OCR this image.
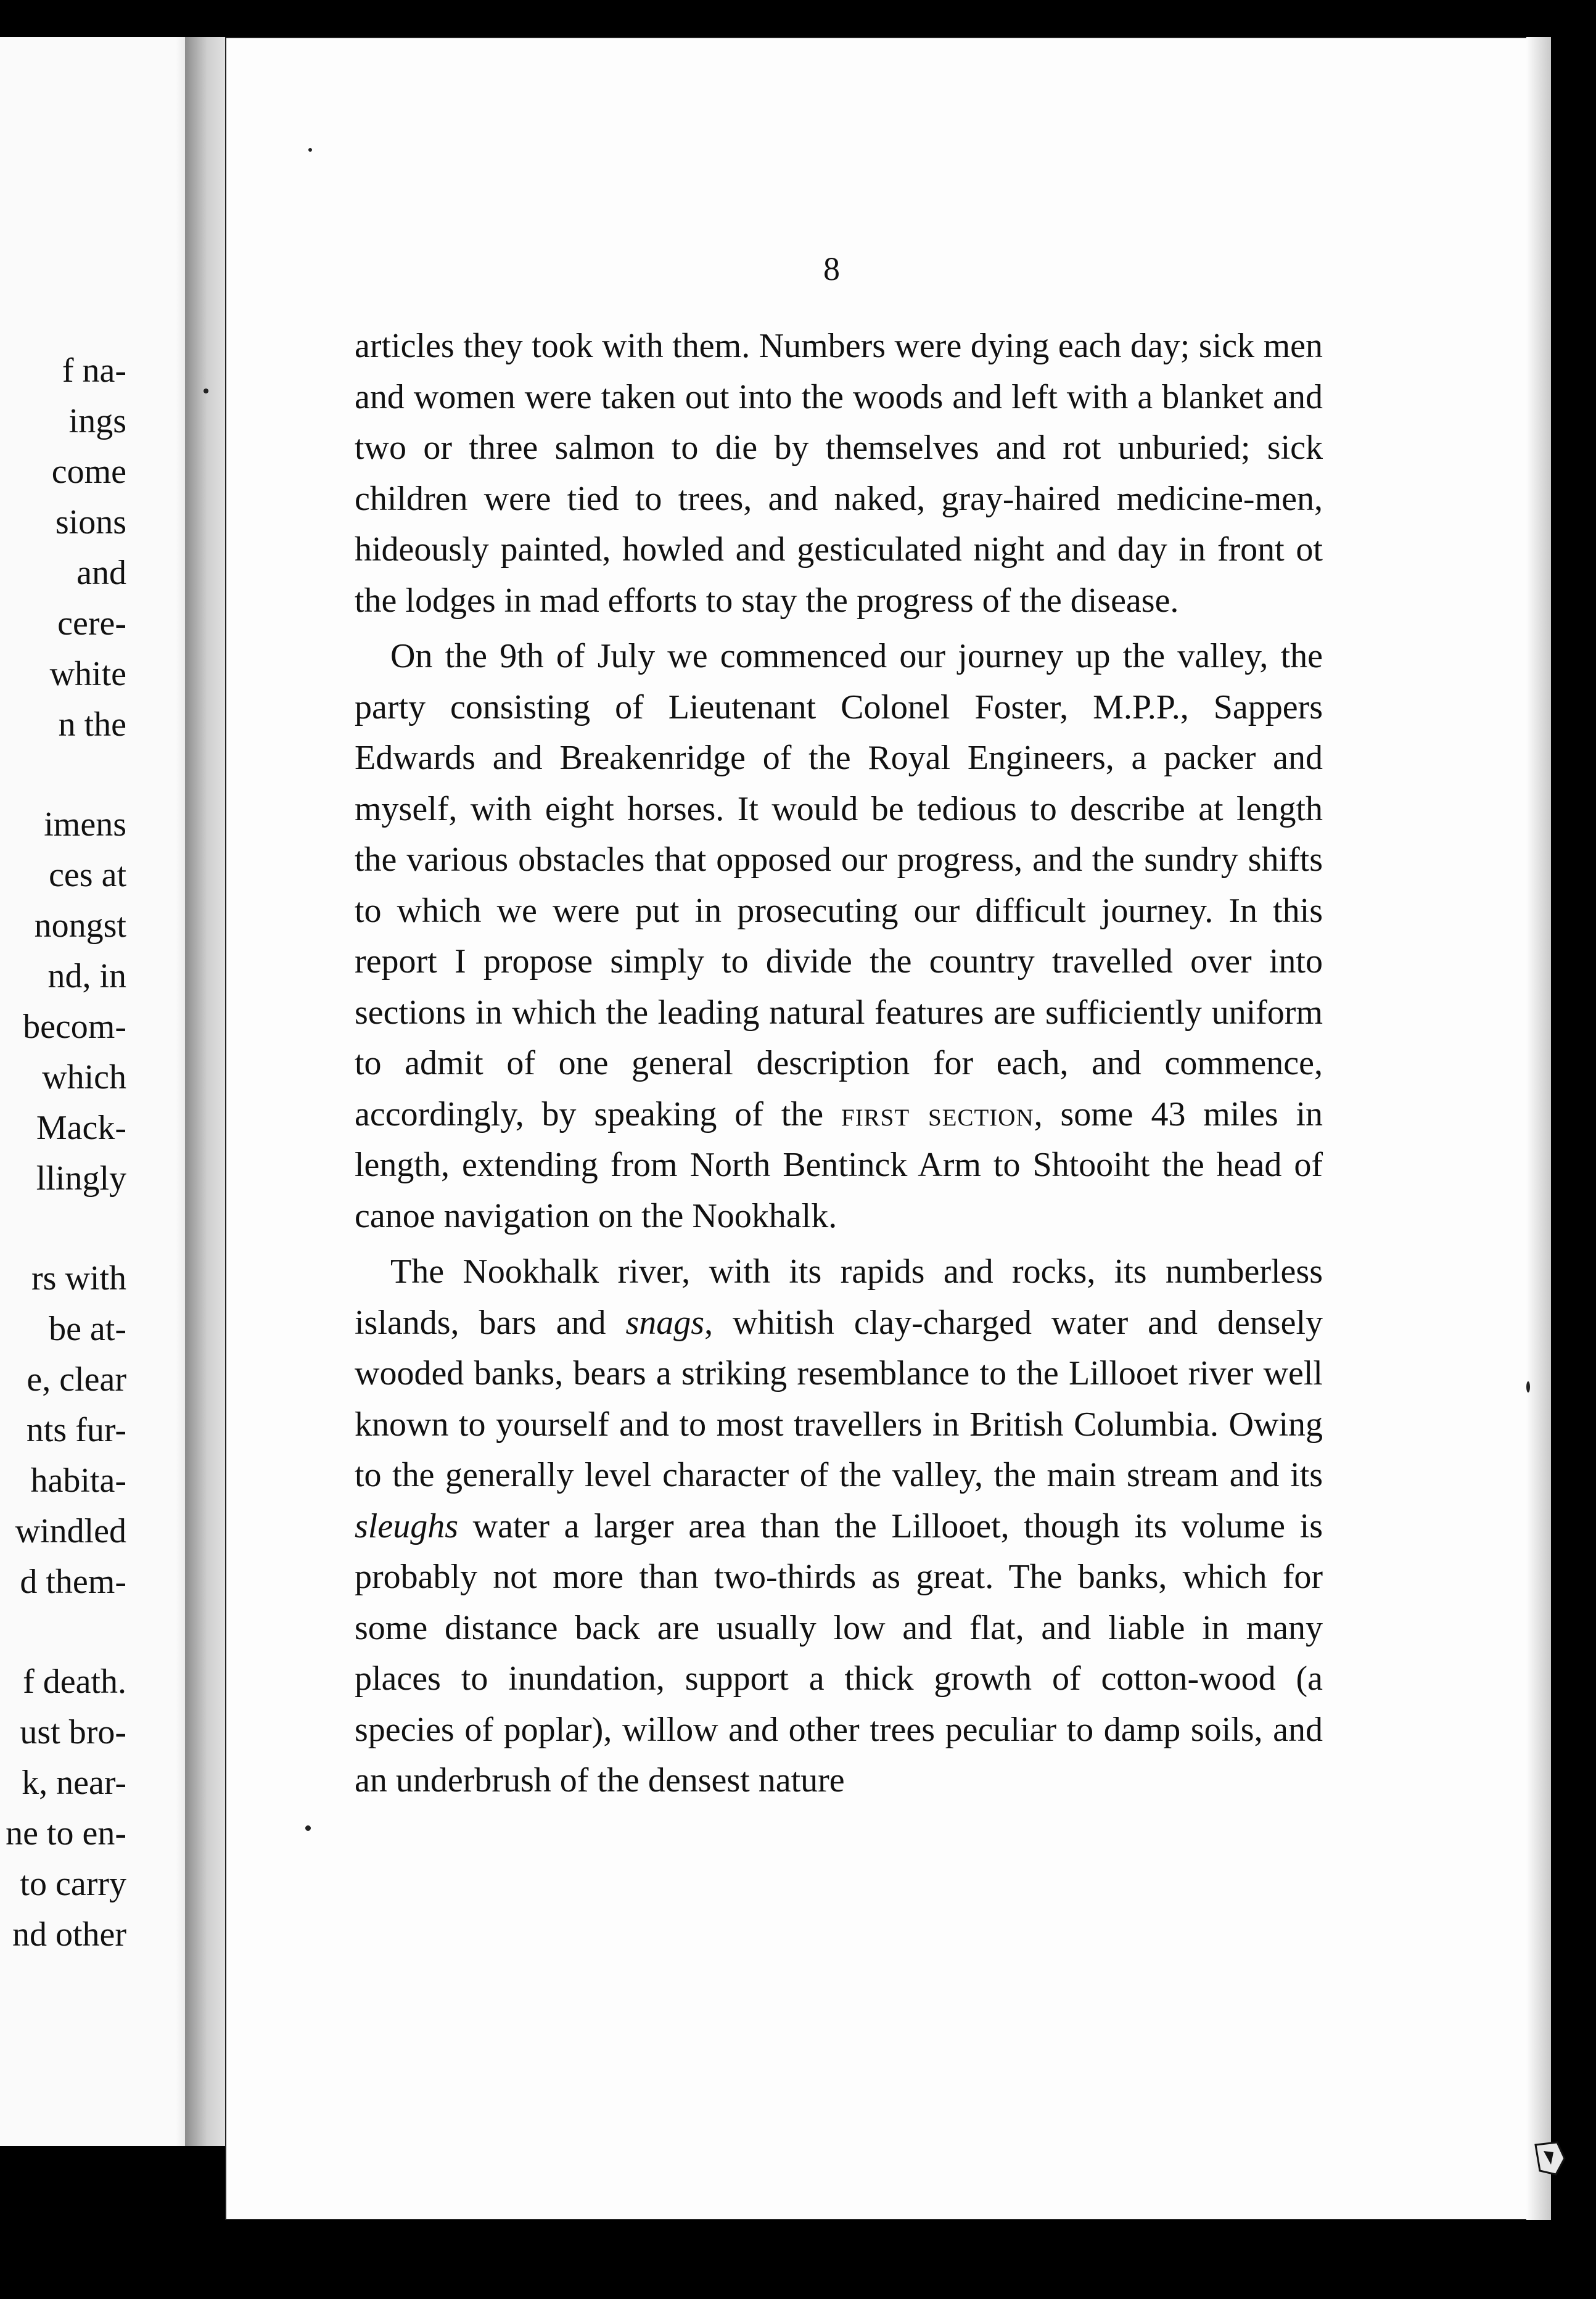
f na-
ings
come
sions
and
cere-
white
n the
imens
ces at
nongst
nd, in
becom-
which
Mack-
llingly
rs with
be at-
e, clear
nts fur-
habita-
windled
d them-
f death.
ust bro-
k, near-
ne to en-
to carry
nd other
8

articles they took with them. Numbers were dying each day; sick men and women were taken out into the woods and left with a blanket and two or three salmon to die by themselves and rot unburied; sick children were tied to trees, and naked, gray-haired medicine-men, hideously painted, howled and gesticulated night and day in front ot the lodges in mad efforts to stay the progress of the disease.

On the 9th of July we commenced our journey up the valley, the party consisting of Lieutenant Colonel Foster, M.P.P., Sappers Edwards and Breakenridge of the Royal Engineers, a packer and myself, with eight horses. It would be tedious to describe at length the various obstacles that opposed our progress, and the sundry shifts to which we were put in prosecuting our difficult journey. In this report I propose simply to divide the country travelled over into sections in which the leading natural features are sufficiently uniform to admit of one general description for each, and commence, accordingly, by speaking of the first section, some 43 miles in length, extending from North Bentinck Arm to Shtooiht the head of canoe navigation on the Nookhalk.

The Nookhalk river, with its rapids and rocks, its numberless islands, bars and snags, whitish clay-charged water and densely wooded banks, bears a striking resemblance to the Lillooet river well known to yourself and to most travellers in British Columbia. Owing to the generally level character of the valley, the main stream and its sleughs water a larger area than the Lillooet, though its volume is probably not more than two-thirds as great. The banks, which for some distance back are usually low and flat, and liable in many places to inundation, support a thick growth of cotton-wood (a species of poplar), willow and other trees peculiar to damp soils, and an underbrush of the densest nature
